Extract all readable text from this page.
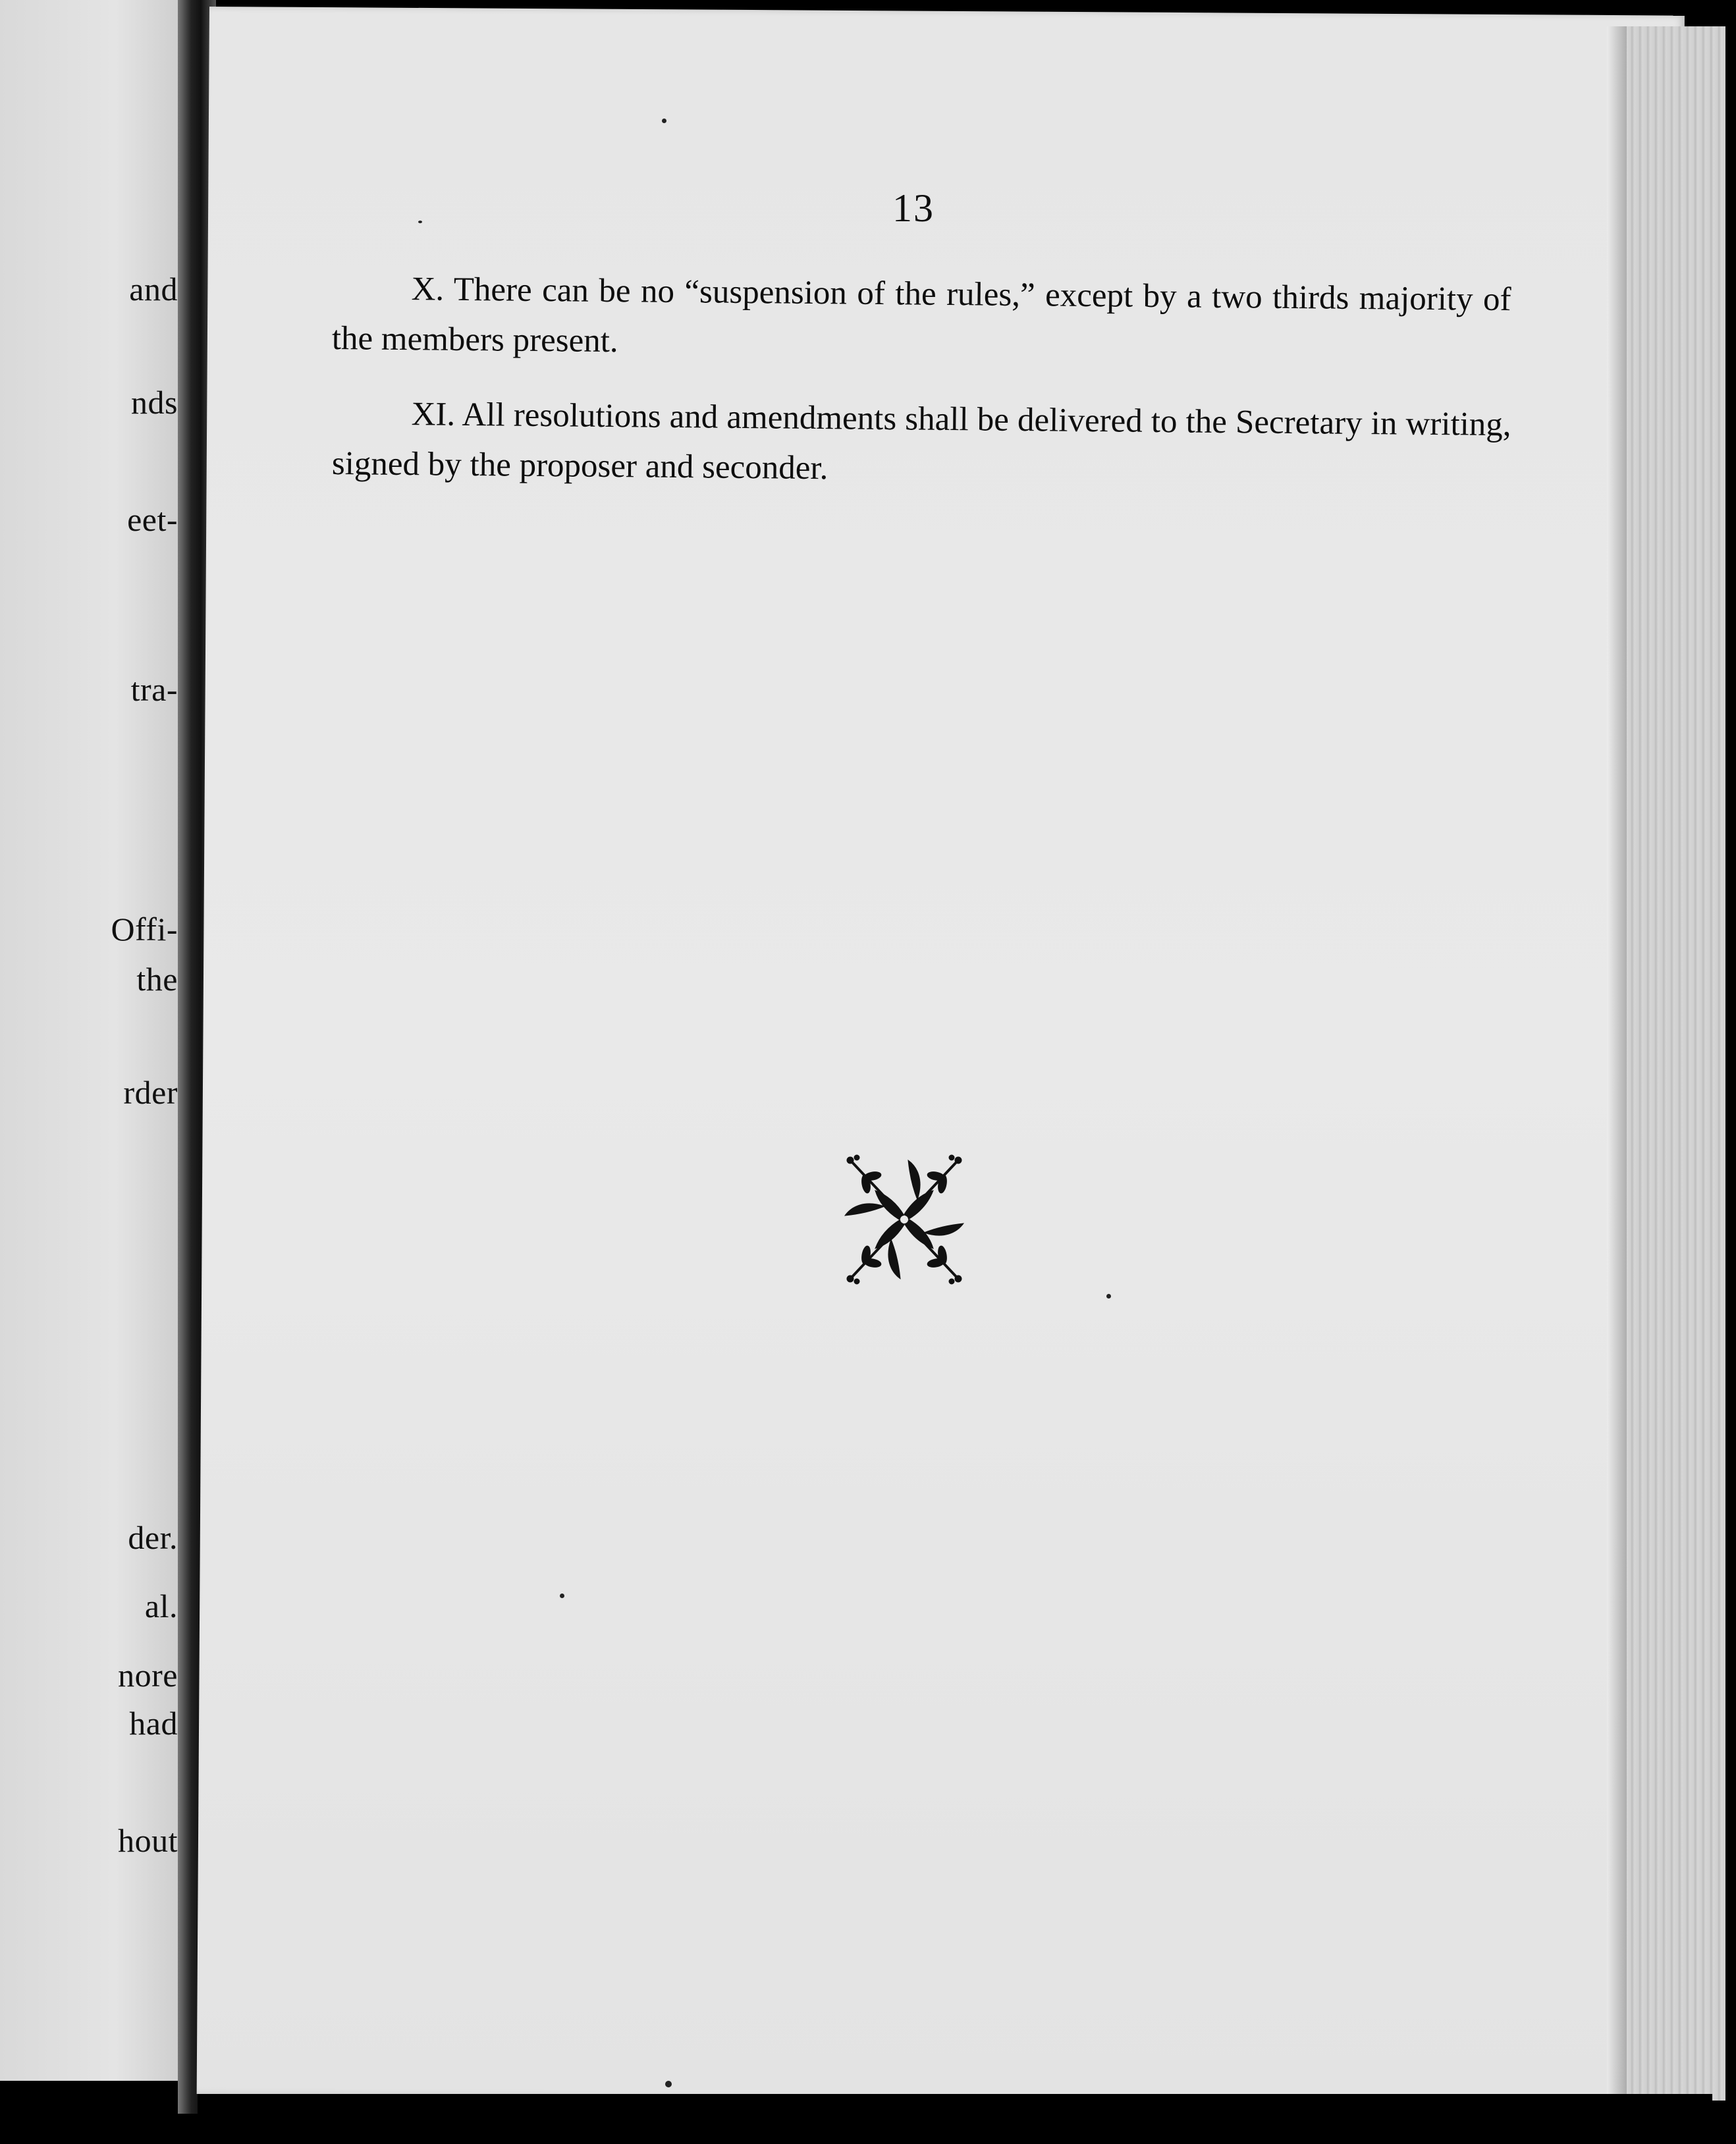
and
nds
eet-
tra-
Offi-
the
rder
der.
al.
nore
had
hout
13
X. There can be no “suspension of the rules,” except by a two thirds majority of the members present.
XI. All resolutions and amendments shall be delivered to the Secretary in writing, signed by the proposer and seconder.
